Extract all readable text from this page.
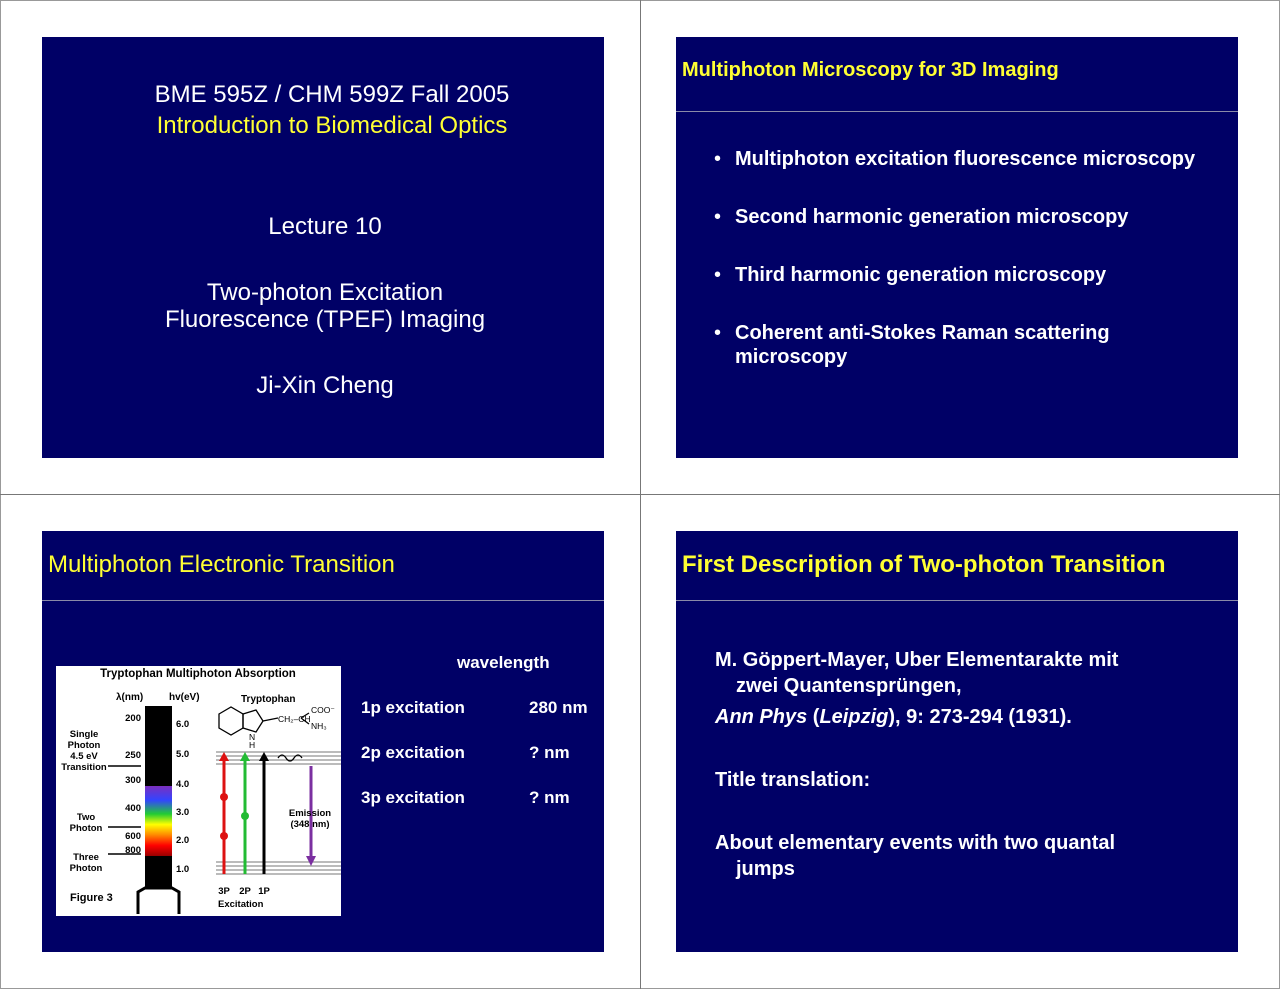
BME 595Z / CHM 599Z Fall 2005
Introduction to Biomedical Optics
Lecture 10
Two-photon Excitation
Fluorescence (TPEF) Imaging
Ji-Xin Cheng
Multiphoton Microscopy for 3D Imaging
• Multiphoton excitation fluorescence microscopy
• Second harmonic generation microscopy
• Third harmonic generation microscopy
• Coherent anti-Stokes Raman scattering microscopy
Multiphoton Electronic Transition
Tryptophan Multiphoton Absorption
λ(nm)	hv(eV)	Tryptophan
200
250
300
400
600
800
6.0
5.0
4.0
3.0
2.0
1.0
Single
Photon
4.5 eV
Transition
Two
Photon
Three
Photon
CH₂–CH
COO⁻
NH₃
N
H
Emission
(348 nm)
3P 2P 1P
Excitation
Figure 3
wavelength
1p excitation	280 nm
2p excitation	? nm
3p excitation	? nm
First Description of Two-photon Transition
M. Göppert-Mayer, Uber Elementarakte mit
zwei Quantensprüngen,
Ann Phys (Leipzig), 9: 273-294 (1931).
Title translation:
About elementary events with two quantal
jumps
